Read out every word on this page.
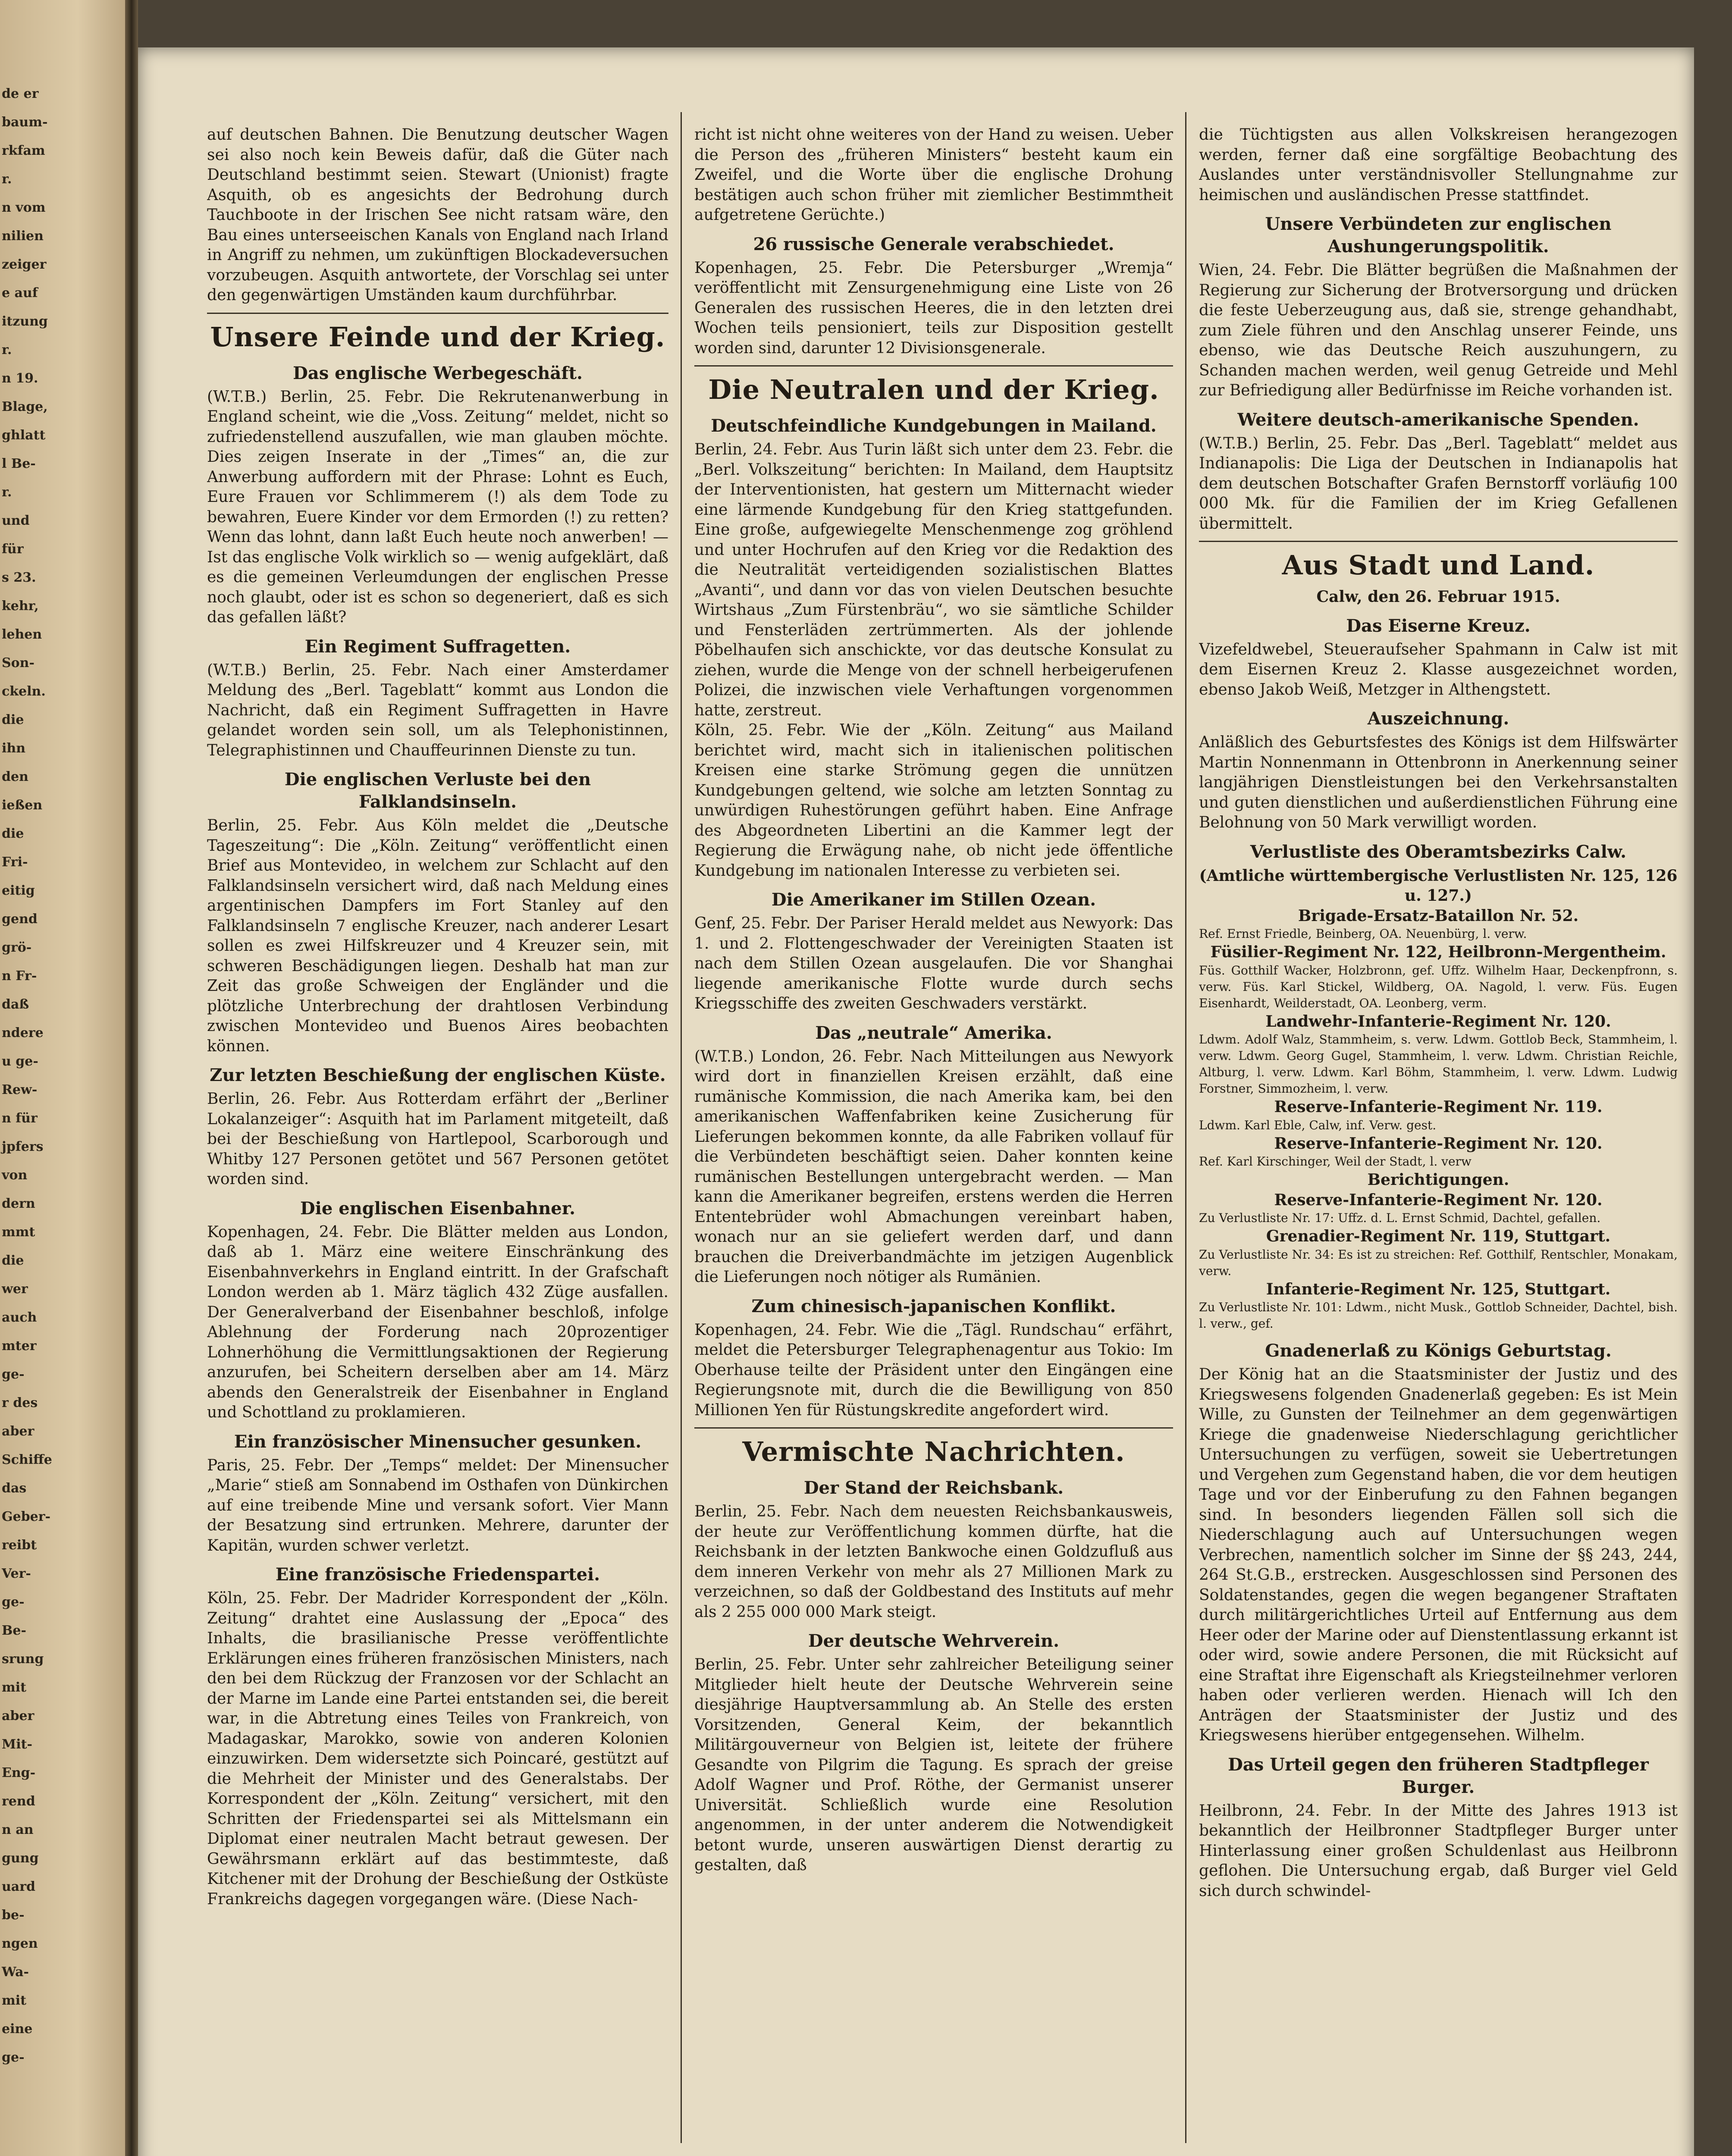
de er
baum-
rkfam
r.
n vom
nilien
zeiger
e auf
itzung
r.
n 19.
Blage,
ghlatt
l Be-
r.
und
für
s 23.
kehr,
lehen
Son-
ckeln.
die
ihn
den
ießen
die
Fri-
eitig
gend
grö-
n Fr-
daß
ndere
u ge-
Rew-
n für
jpfers
von
dern
mmt
die
wer
auch
mter
ge-
r des
aber
Schiffe
das
Geber-
reibt
Ver-
ge-
Be-
srung
mit
aber
Mit-
Eng-
rend
n an
gung
uard
be-
ngen
Wa-
mit
eine
ge-

auf deutschen Bahnen. Die Benutzung deutscher Wagen sei also noch kein Beweis dafür, daß die Güter nach Deutschland bestimmt seien. Stewart (Unionist) fragte Asquith, ob es angesichts der Bedrohung durch Tauchboote in der Irischen See nicht ratsam wäre, den Bau eines unterseeischen Kanals von England nach Irland in Angriff zu nehmen, um zukünftigen Blockadeversuchen vorzubeugen. Asquith antwortete, der Vorschlag sei unter den gegenwärtigen Umständen kaum durchführbar.

Unsere Feinde und der Krieg.
Das englische Werbegeschäft.

(W.T.B.) Berlin, 25. Febr. Die Rekrutenanwerbung in England scheint, wie die „Voss. Zeitung“ meldet, nicht so zufriedenstellend auszufallen, wie man glauben möchte. Dies zeigen Inserate in der „Times“ an, die zur Anwerbung auffordern mit der Phrase: Lohnt es Euch, Eure Frauen vor Schlimmerem (!) als dem Tode zu bewahren, Euere Kinder vor dem Ermorden (!) zu retten? Wenn das lohnt, dann laßt Euch heute noch anwerben! — Ist das englische Volk wirklich so — wenig aufgeklärt, daß es die gemeinen Verleumdungen der englischen Presse noch glaubt, oder ist es schon so degeneriert, daß es sich das gefallen läßt?

Ein Regiment Suffragetten.

(W.T.B.) Berlin, 25. Febr. Nach einer Amsterdamer Meldung des „Berl. Tageblatt“ kommt aus London die Nachricht, daß ein Regiment Suffragetten in Havre gelandet worden sein soll, um als Telephonistinnen, Telegraphistinnen und Chauffeurinnen Dienste zu tun.

Die englischen Verluste bei den Falklandsinseln.

Berlin, 25. Febr. Aus Köln meldet die „Deutsche Tageszeitung“: Die „Köln. Zeitung“ veröffentlicht einen Brief aus Montevideo, in welchem zur Schlacht auf den Falklandsinseln versichert wird, daß nach Meldung eines argentinischen Dampfers im Fort Stanley auf den Falklandsinseln 7 englische Kreuzer, nach anderer Lesart sollen es zwei Hilfskreuzer und 4 Kreuzer sein, mit schweren Beschädigungen liegen. Deshalb hat man zur Zeit das große Schweigen der Engländer und die plötzliche Unterbrechung der drahtlosen Verbindung zwischen Montevideo und Buenos Aires beobachten können.

Zur letzten Beschießung der englischen Küste.

Berlin, 26. Febr. Aus Rotterdam erfährt der „Berliner Lokalanzeiger“: Asquith hat im Parlament mitgeteilt, daß bei der Beschießung von Hartlepool, Scarborough und Whitby 127 Personen getötet und 567 Personen getötet worden sind.

Die englischen Eisenbahner.

Kopenhagen, 24. Febr. Die Blätter melden aus London, daß ab 1. März eine weitere Einschränkung des Eisenbahnverkehrs in England eintritt. In der Grafschaft London werden ab 1. März täglich 432 Züge ausfallen. Der Generalverband der Eisenbahner beschloß, infolge Ablehnung der Forderung nach 20prozentiger Lohnerhöhung die Vermittlungsaktionen der Regierung anzurufen, bei Scheitern derselben aber am 14. März abends den Generalstreik der Eisenbahner in England und Schottland zu proklamieren.

Ein französischer Minensucher gesunken.

Paris, 25. Febr. Der „Temps“ meldet: Der Minensucher „Marie“ stieß am Sonnabend im Osthafen von Dünkirchen auf eine treibende Mine und versank sofort. Vier Mann der Besatzung sind ertrunken. Mehrere, darunter der Kapitän, wurden schwer verletzt.

Eine französische Friedenspartei.

Köln, 25. Febr. Der Madrider Korrespondent der „Köln. Zeitung“ drahtet eine Auslassung der „Epoca“ des Inhalts, die brasilianische Presse veröffentlichte Erklärungen eines früheren französischen Ministers, nach den bei dem Rückzug der Franzosen vor der Schlacht an der Marne im Lande eine Partei entstanden sei, die bereit war, in die Abtretung eines Teiles von Frankreich, von Madagaskar, Marokko, sowie von anderen Kolonien einzuwirken. Dem widersetzte sich Poincaré, gestützt auf die Mehrheit der Minister und des Generalstabs. Der Korrespondent der „Köln. Zeitung“ versichert, mit den Schritten der Friedenspartei sei als Mittelsmann ein Diplomat einer neutralen Macht betraut gewesen. Der Gewährsmann erklärt auf das bestimmteste, daß Kitchener mit der Drohung der Beschießung der Ostküste Frankreichs dagegen vorgegangen wäre. (Diese Nach-

richt ist nicht ohne weiteres von der Hand zu weisen. Ueber die Person des „früheren Ministers“ besteht kaum ein Zweifel, und die Worte über die englische Drohung bestätigen auch schon früher mit ziemlicher Bestimmtheit aufgetretene Gerüchte.)

26 russische Generale verabschiedet.

Kopenhagen, 25. Febr. Die Petersburger „Wremja“ veröffentlicht mit Zensurgenehmigung eine Liste von 26 Generalen des russischen Heeres, die in den letzten drei Wochen teils pensioniert, teils zur Disposition gestellt worden sind, darunter 12 Divisionsgenerale.

Die Neutralen und der Krieg.
Deutschfeindliche Kundgebungen in Mailand.

Berlin, 24. Febr. Aus Turin läßt sich unter dem 23. Febr. die „Berl. Volkszeitung“ berichten: In Mailand, dem Hauptsitz der Interventionisten, hat gestern um Mitternacht wieder eine lärmende Kundgebung für den Krieg stattgefunden. Eine große, aufgewiegelte Menschenmenge zog gröhlend und unter Hochrufen auf den Krieg vor die Redaktion des die Neutralität verteidigenden sozialistischen Blattes „Avanti“, und dann vor das von vielen Deutschen besuchte Wirtshaus „Zum Fürstenbräu“, wo sie sämtliche Schilder und Fensterläden zertrümmerten. Als der johlende Pöbelhaufen sich anschickte, vor das deutsche Konsulat zu ziehen, wurde die Menge von der schnell herbeigerufenen Polizei, die inzwischen viele Verhaftungen vorgenommen hatte, zerstreut.

Köln, 25. Febr. Wie der „Köln. Zeitung“ aus Mailand berichtet wird, macht sich in italienischen politischen Kreisen eine starke Strömung gegen die unnützen Kundgebungen geltend, wie solche am letzten Sonntag zu unwürdigen Ruhestörungen geführt haben. Eine Anfrage des Abgeordneten Libertini an die Kammer legt der Regierung die Erwägung nahe, ob nicht jede öffentliche Kundgebung im nationalen Interesse zu verbieten sei.

Die Amerikaner im Stillen Ozean.

Genf, 25. Febr. Der Pariser Herald meldet aus Newyork: Das 1. und 2. Flottengeschwader der Vereinigten Staaten ist nach dem Stillen Ozean ausgelaufen. Die vor Shanghai liegende amerikanische Flotte wurde durch sechs Kriegsschiffe des zweiten Geschwaders verstärkt.

Das „neutrale“ Amerika.

(W.T.B.) London, 26. Febr. Nach Mitteilungen aus Newyork wird dort in finanziellen Kreisen erzählt, daß eine rumänische Kommission, die nach Amerika kam, bei den amerikanischen Waffenfabriken keine Zusicherung für Lieferungen bekommen konnte, da alle Fabriken vollauf für die Verbündeten beschäftigt seien. Daher konnten keine rumänischen Bestellungen untergebracht werden. — Man kann die Amerikaner begreifen, erstens werden die Herren Ententebrüder wohl Abmachungen vereinbart haben, wonach nur an sie geliefert werden darf, und dann brauchen die Dreiverbandmächte im jetzigen Augenblick die Lieferungen noch nötiger als Rumänien.

Zum chinesisch-japanischen Konflikt.

Kopenhagen, 24. Febr. Wie die „Tägl. Rundschau“ erfährt, meldet die Petersburger Telegraphenagentur aus Tokio: Im Oberhause teilte der Präsident unter den Eingängen eine Regierungsnote mit, durch die die Bewilligung von 850 Millionen Yen für Rüstungskredite angefordert wird.

Vermischte Nachrichten.
Der Stand der Reichsbank.

Berlin, 25. Febr. Nach dem neuesten Reichsbankausweis, der heute zur Veröffentlichung kommen dürfte, hat die Reichsbank in der letzten Bankwoche einen Goldzufluß aus dem inneren Verkehr von mehr als 27 Millionen Mark zu verzeichnen, so daß der Goldbestand des Instituts auf mehr als 2 255 000 000 Mark steigt.

Der deutsche Wehrverein.

Berlin, 25. Febr. Unter sehr zahlreicher Beteiligung seiner Mitglieder hielt heute der Deutsche Wehrverein seine diesjährige Hauptversammlung ab. An Stelle des ersten Vorsitzenden, General Keim, der bekanntlich Militärgouverneur von Belgien ist, leitete der frühere Gesandte von Pilgrim die Tagung. Es sprach der greise Adolf Wagner und Prof. Röthe, der Germanist unserer Universität. Schließlich wurde eine Resolution angenommen, in der unter anderem die Notwendigkeit betont wurde, unseren auswärtigen Dienst derartig zu gestalten, daß

die Tüchtigsten aus allen Volkskreisen herangezogen werden, ferner daß eine sorgfältige Beobachtung des Auslandes unter verständnisvoller Stellungnahme zur heimischen und ausländischen Presse stattfindet.

Unsere Verbündeten zur englischen Aushungerungspolitik.

Wien, 24. Febr. Die Blätter begrüßen die Maßnahmen der Regierung zur Sicherung der Brotversorgung und drücken die feste Ueberzeugung aus, daß sie, strenge gehandhabt, zum Ziele führen und den Anschlag unserer Feinde, uns ebenso, wie das Deutsche Reich auszuhungern, zu Schanden machen werden, weil genug Getreide und Mehl zur Befriedigung aller Bedürfnisse im Reiche vorhanden ist.

Weitere deutsch-amerikanische Spenden.

(W.T.B.) Berlin, 25. Febr. Das „Berl. Tageblatt“ meldet aus Indianapolis: Die Liga der Deutschen in Indianapolis hat dem deutschen Botschafter Grafen Bernstorff vorläufig 100 000 Mk. für die Familien der im Krieg Gefallenen übermittelt.

Aus Stadt und Land.
Calw, den 26. Februar 1915.
Das Eiserne Kreuz.

Vizefeldwebel, Steueraufseher Spahmann in Calw ist mit dem Eisernen Kreuz 2. Klasse ausgezeichnet worden, ebenso Jakob Weiß, Metzger in Althengstett.

Auszeichnung.

Anläßlich des Geburtsfestes des Königs ist dem Hilfswärter Martin Nonnenmann in Ottenbronn in Anerkennung seiner langjährigen Dienstleistungen bei den Verkehrsanstalten und guten dienstlichen und außerdienstlichen Führung eine Belohnung von 50 Mark verwilligt worden.

Verlustliste des Oberamtsbezirks Calw.
(Amtliche württembergische Verlustlisten Nr. 125, 126 u. 127.)
Brigade-Ersatz-Bataillon Nr. 52.

Ref. Ernst Friedle, Beinberg, OA. Neuenbürg, l. verw.

Füsilier-Regiment Nr. 122, Heilbronn-Mergentheim.

Füs. Gotthilf Wacker, Holzbronn, gef. Uffz. Wilhelm Haar, Deckenpfronn, s. verw. Füs. Karl Stickel, Wildberg, OA. Nagold, l. verw. Füs. Eugen Eisenhardt, Weilderstadt, OA. Leonberg, verm.

Landwehr-Infanterie-Regiment Nr. 120.

Ldwm. Adolf Walz, Stammheim, s. verw. Ldwm. Gottlob Beck, Stammheim, l. verw. Ldwm. Georg Gugel, Stammheim, l. verw. Ldwm. Christian Reichle, Altburg, l. verw. Ldwm. Karl Böhm, Stammheim, l. verw. Ldwm. Ludwig Forstner, Simmozheim, l. verw.

Reserve-Infanterie-Regiment Nr. 119.

Ldwm. Karl Eble, Calw, inf. Verw. gest.

Reserve-Infanterie-Regiment Nr. 120.

Ref. Karl Kirschinger, Weil der Stadt, l. verw

Berichtigungen.
Reserve-Infanterie-Regiment Nr. 120.

Zu Verlustliste Nr. 17: Uffz. d. L. Ernst Schmid, Dachtel, gefallen.

Grenadier-Regiment Nr. 119, Stuttgart.

Zu Verlustliste Nr. 34: Es ist zu streichen: Ref. Gotthilf, Rentschler, Monakam, verw.

Infanterie-Regiment Nr. 125, Stuttgart.

Zu Verlustliste Nr. 101: Ldwm., nicht Musk., Gottlob Schneider, Dachtel, bish. l. verw., gef.

Gnadenerlaß zu Königs Geburtstag.

Der König hat an die Staatsminister der Justiz und des Kriegswesens folgenden Gnadenerlaß gegeben: Es ist Mein Wille, zu Gunsten der Teilnehmer an dem gegenwärtigen Kriege die gnadenweise Niederschlagung gerichtlicher Untersuchungen zu verfügen, soweit sie Uebertretungen und Vergehen zum Gegenstand haben, die vor dem heutigen Tage und vor der Einberufung zu den Fahnen begangen sind. In besonders liegenden Fällen soll sich die Niederschlagung auch auf Untersuchungen wegen Verbrechen, namentlich solcher im Sinne der §§ 243, 244, 264 St.G.B., erstrecken. Ausgeschlossen sind Personen des Soldatenstandes, gegen die wegen begangener Straftaten durch militärgerichtliches Urteil auf Entfernung aus dem Heer oder der Marine oder auf Dienstentlassung erkannt ist oder wird, sowie andere Personen, die mit Rücksicht auf eine Straftat ihre Eigenschaft als Kriegsteilnehmer verloren haben oder verlieren werden. Hienach will Ich den Anträgen der Staatsminister der Justiz und des Kriegswesens hierüber entgegensehen. Wilhelm.

Das Urteil gegen den früheren Stadtpfleger Burger.

Heilbronn, 24. Febr. In der Mitte des Jahres 1913 ist bekanntlich der Heilbronner Stadtpfleger Burger unter Hinterlassung einer großen Schuldenlast aus Heilbronn geflohen. Die Untersuchung ergab, daß Burger viel Geld sich durch schwindel-
